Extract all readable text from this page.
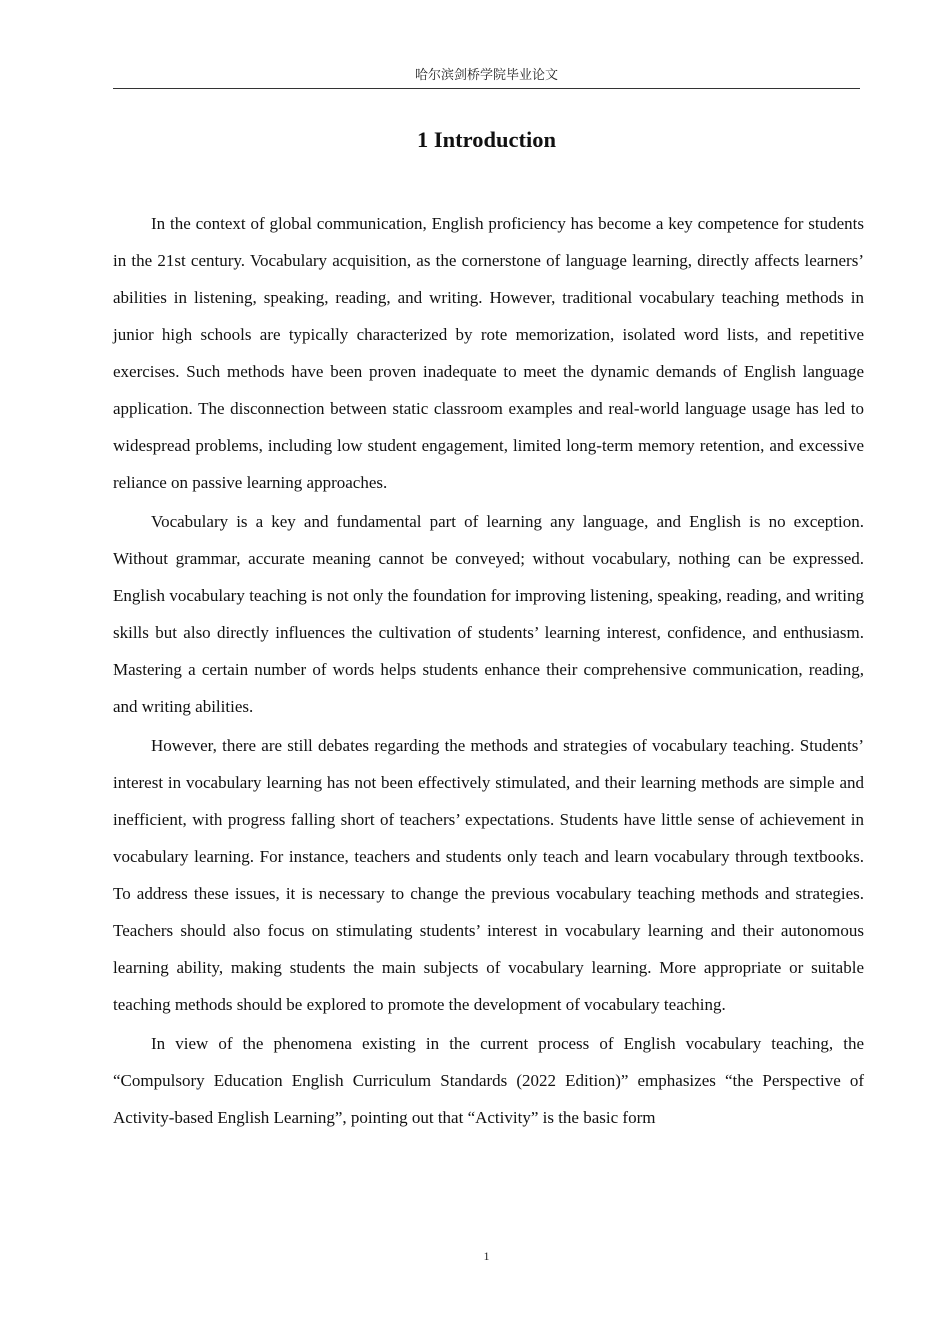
哈尔滨剑桥学院毕业论文
1 Introduction

In the context of global communication, English proficiency has become a key competence for students in the 21st century. Vocabulary acquisition, as the cornerstone of language learning, directly affects learners’ abilities in listening, speaking, reading, and writing. However, traditional vocabulary teaching methods in junior high schools are typically characterized by rote memorization, isolated word lists, and repetitive exercises. Such methods have been proven inadequate to meet the dynamic demands of English language application. The disconnection between static classroom examples and real-world language usage has led to widespread problems, including low student engagement, limited long-term memory retention, and excessive reliance on passive learning approaches.

Vocabulary is a key and fundamental part of learning any language, and English is no exception. Without grammar, accurate meaning cannot be conveyed; without vocabulary, nothing can be expressed. English vocabulary teaching is not only the foundation for improving listening, speaking, reading, and writing skills but also directly influences the cultivation of students’ learning interest, confidence, and enthusiasm. Mastering a certain number of words helps students enhance their comprehensive communication, reading, and writing abilities.

However, there are still debates regarding the methods and strategies of vocabulary teaching. Students’ interest in vocabulary learning has not been effectively stimulated, and their learning methods are simple and inefficient, with progress falling short of teachers’ expectations. Students have little sense of achievement in vocabulary learning. For instance, teachers and students only teach and learn vocabulary through textbooks. To address these issues, it is necessary to change the previous vocabulary teaching methods and strategies. Teachers should also focus on stimulating students’ interest in vocabulary learning and their autonomous learning ability, making students the main subjects of vocabulary learning. More appropriate or suitable teaching methods should be explored to promote the development of vocabulary teaching.

In view of the phenomena existing in the current process of English vocabulary teaching, the “Compulsory Education English Curriculum Standards (2022 Edition)” emphasizes “the Perspective of Activity-based English Learning”, pointing out that “Activity” is the basic form

1
